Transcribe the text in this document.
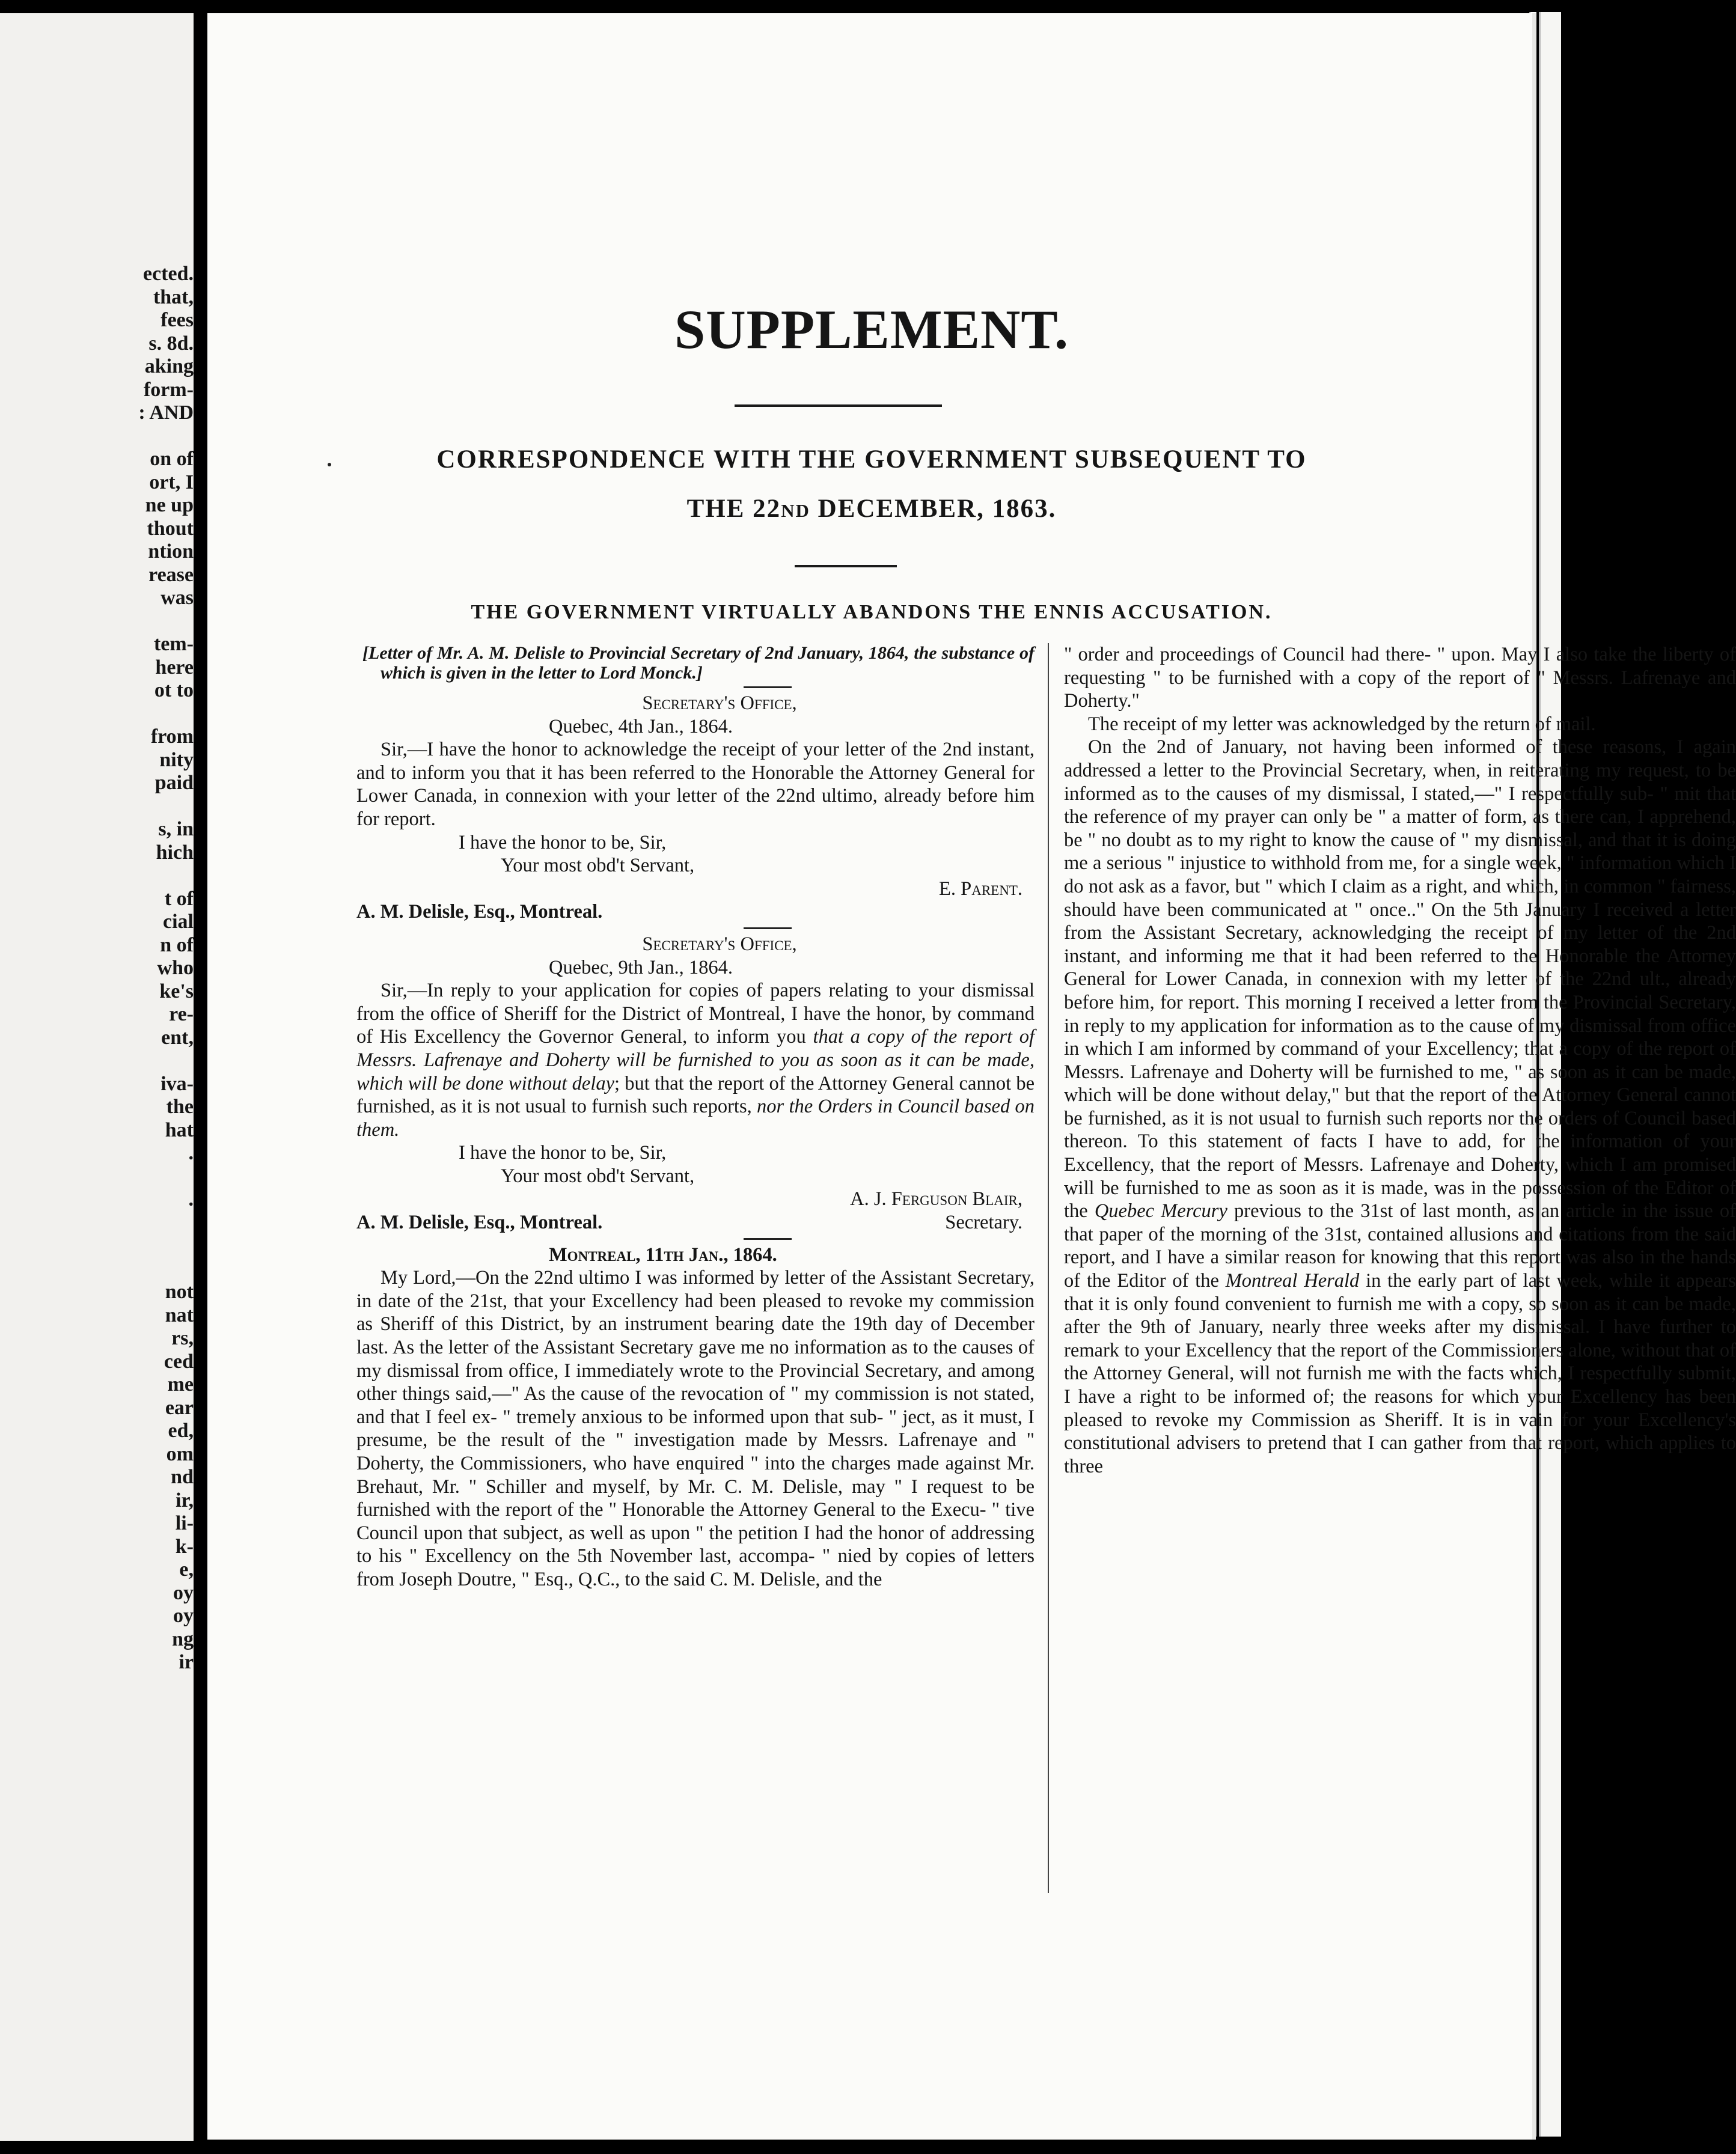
ected.
that,
fees
s. 8d.
aking
form-
: AND

on of
ort, I
ne up
thout
ntion
rease
was

tem-
here
ot to

from
nity
paid

s, in
hich

t of
cial
n of
who
ke's
re-
ent,

iva-
the
hat
.

.

not
nat
rs,
ced
me
ear
ed,
om
nd
ir,
li-
k-
e,
oy
oy
ng
ir
SUPPLEMENT.

CORRESPONDENCE WITH THE GOVERNMENT SUBSEQUENT TO

THE 22ND DECEMBER, 1863.

THE GOVERNMENT VIRTUALLY ABANDONS THE ENNIS ACCUSATION.

[Letter of Mr. A. M. Delisle to Provincial Secretary of 2nd January, 1864, the substance of which is given in the letter to Lord Monck.]

Secretary's Office,

Quebec, 4th Jan., 1864.

Sir,—I have the honor to acknowledge the receipt of your letter of the 2nd instant, and to inform you that it has been referred to the Honorable the Attorney General for Lower Canada, in connexion with your letter of the 22nd ultimo, already before him for report.

I have the honor to be, Sir,

Your most obd't Servant,

E. Parent.

A. M. Delisle, Esq., Montreal.

Secretary's Office,

Quebec, 9th Jan., 1864.

Sir,—In reply to your application for copies of papers relating to your dismissal from the office of Sheriff for the District of Montreal, I have the honor, by command of His Excellency the Governor General, to inform you that a copy of the report of Messrs. Lafrenaye and Doherty will be furnished to you as soon as it can be made, which will be done without delay; but that the report of the Attorney General cannot be furnished, as it is not usual to furnish such reports, nor the Orders in Council based on them.

I have the honor to be, Sir,

Your most obd't Servant,

A. J. Ferguson Blair,

A. M. Delisle, Esq., Montreal.	Secretary.

Montreal, 11th Jan., 1864.

My Lord,—On the 22nd ultimo I was informed by letter of the Assistant Secretary, in date of the 21st, that your Excellency had been pleased to revoke my commission as Sheriff of this District, by an instrument bearing date the 19th day of December last. As the letter of the Assistant Secretary gave me no information as to the causes of my dismissal from office, I immediately wrote to the Provincial Secretary, and among other things said,—" As the cause of the revocation of " my commission is not stated, and that I feel ex- " tremely anxious to be informed upon that sub- " ject, as it must, I presume, be the result of the " investigation made by Messrs. Lafrenaye and " Doherty, the Commissioners, who have enquired " into the charges made against Mr. Brehaut, Mr. " Schiller and myself, by Mr. C. M. Delisle, may " I request to be furnished with the report of the " Honorable the Attorney General to the Execu- " tive Council upon that subject, as well as upon " the petition I had the honor of addressing to his " Excellency on the 5th November last, accompa- " nied by copies of letters from Joseph Doutre, " Esq., Q.C., to the said C. M. Delisle, and the

" order and proceedings of Council had there- " upon. May I also take the liberty of requesting " to be furnished with a copy of the report of " Messrs. Lafrenaye and Doherty."

The receipt of my letter was acknowledged by the return of mail.

On the 2nd of January, not having been informed of these reasons, I again addressed a letter to the Provincial Secretary, when, in reiterating my request, to be informed as to the causes of my dismissal, I stated,—" I respectfully sub- " mit that the reference of my prayer can only be " a matter of form, as there can, I apprehend, be " no doubt as to my right to know the cause of " my dismissal, and that it is doing me a serious " injustice to withhold from me, for a single week, " information which I do not ask as a favor, but " which I claim as a right, and which, in common " fairness, should have been communicated at " once.." On the 5th January I received a letter from the Assistant Secretary, acknowledging the receipt of my letter of the 2nd instant, and informing me that it had been referred to the Honorable the Attorney General for Lower Canada, in connexion with my letter of the 22nd ult., already before him, for report. This morning I received a letter from the Provincial Secretary, in reply to my application for information as to the cause of my dismissal from office in which I am informed by command of your Excellency; that a copy of the report of Messrs. Lafrenaye and Doherty will be furnished to me, " as soon as it can be made, which will be done without delay," but that the report of the Attorney General cannot be furnished, as it is not usual to furnish such reports nor the orders of Council based thereon. To this statement of facts I have to add, for the information of your Excellency, that the report of Messrs. Lafrenaye and Doherty, which I am promised will be furnished to me as soon as it is made, was in the possession of the Editor of the Quebec Mercury previous to the 31st of last month, as an article in the issue of that paper of the morning of the 31st, contained allusions and citations from the said report, and I have a similar reason for knowing that this report was also in the hands of the Editor of the Montreal Herald in the early part of last week, while it appears that it is only found convenient to furnish me with a copy, so soon as it can be made, after the 9th of January, nearly three weeks after my dismissal. I have further to remark to your Excellency that the report of the Commissioners alone, without that of the Attorney General, will not furnish me with the facts which, I respectfully submit, I have a right to be informed of; the reasons for which your Excellency has been pleased to revoke my Commission as Sheriff. It is in vain for your Excellency's constitutional advisers to pretend that I can gather from that report, which applies to three
